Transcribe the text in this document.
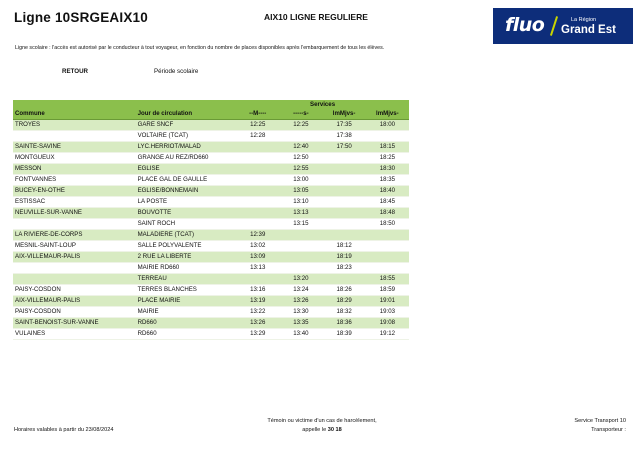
Ligne 10SRGEAIX10	AIX10 LIGNE REGULIERE	fluo	La Région
Grand Est
Ligne scolaire : l'accès est autorisé par le conducteur à tout voyageur, en fonction du nombre de places disponibles après l'embarquement de tous les élèves.
RETOUR	Période scolaire
		Services			
Commune	Jour de circulation	--M----	-----s-	lmMjvs-	lmMjvs-
TROYES	GARE SNCF	12:25	12:25	17:35	18:00
	VOLTAIRE (TCAT)	12:28		17:38	
SAINTE-SAVINE	LYC.HERRIOT/MALAD		12:40	17:50	18:15
MONTGUEUX	GRANGE AU REZ/RD660		12:50		18:25
MESSON	EGLISE		12:55		18:30
FONTVANNES	PLACE GAL DE GAULLE		13:00		18:35
BUCEY-EN-OTHE	EGLISE/BONNEMAIN		13:05		18:40
ESTISSAC	LA POSTE		13:10		18:45
NEUVILLE-SUR-VANNE	BOUVOTTE		13:13		18:48
	SAINT ROCH		13:15		18:50
LA RIVIERE-DE-CORPS	MALADIERE (TCAT)	12:39			
MESNIL-SAINT-LOUP	SALLE POLYVALENTE	13:02		18:12	
AIX-VILLEMAUR-PALIS	2 RUE LA LIBERTE	13:09		18:19	
	MAIRIE RD660	13:13		18:23	
	TERREAU		13:20		18:55
PAISY-COSDON	TERRES BLANCHES	13:16	13:24	18:26	18:59
AIX-VILLEMAUR-PALIS	PLACE MAIRIE	13:19	13:26	18:29	19:01
PAISY-COSDON	MAIRIE	13:22	13:30	18:32	19:03
SAINT-BENOIST-SUR-VANNE	RD660	13:26	13:35	18:36	19:08
VULAINES	RD660	13:29	13:40	18:39	19:12
Horaires valables à partir du 23/08/2024
Témoin ou victime d'un cas de harcèlement,
appelle le 30 18
Service Transport 10
Transporteur :
